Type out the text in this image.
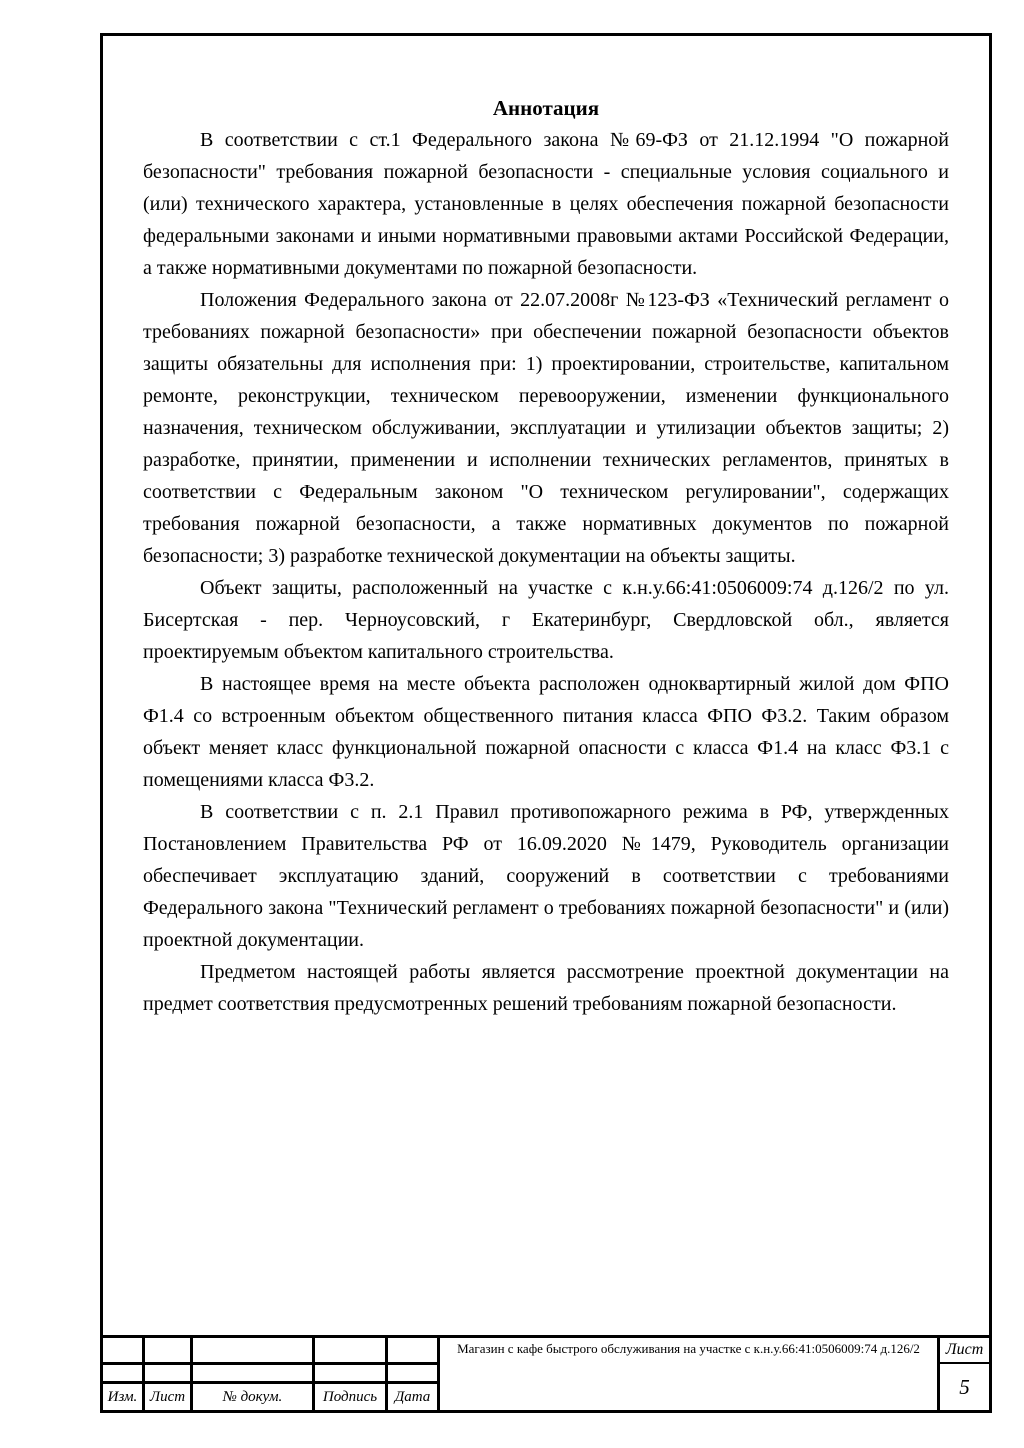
Аннотация

В соответствии с ст.1 Федерального закона №69-ФЗ от 21.12.1994 "О пожарной безопасности" требования пожарной безопасности - специальные условия социального и (или) технического характера, установленные в целях обеспечения пожарной безопасности федеральными законами и иными нормативными правовыми актами Российской Федерации, а также нормативными документами по пожарной безопасности.

Положения Федерального закона от 22.07.2008г №123-ФЗ «Технический регламент о требованиях пожарной безопасности» при обеспечении пожарной безопасности объектов защиты обязательны для исполнения при: 1) проектировании, строительстве, капитальном ремонте, реконструкции, техническом перевооружении, изменении функционального назначения, техническом обслуживании, эксплуатации и утилизации объектов защиты; 2) разработке, принятии, применении и исполнении технических регламентов, принятых в соответствии с Федеральным законом "О техническом регулировании", содержащих требования пожарной безопасности, а также нормативных документов по пожарной безопасности; 3) разработке технической документации на объекты защиты.

Объект защиты, расположенный на участке с к.н.у.66:41:0506009:74 д.126/2 по ул. Бисертская - пер. Черноусовский, г Екатеринбург, Свердловской обл., является проектируемым объектом капитального строительства.

В настоящее время на месте объекта расположен одноквартирный жилой дом ФПО Ф1.4 со встроенным объектом общественного питания класса ФПО Ф3.2. Таким образом объект меняет класс функциональной пожарной опасности с класса Ф1.4 на класс Ф3.1 с помещениями класса Ф3.2.

В соответствии с п. 2.1 Правил противопожарного режима в РФ, утвержденных Постановлением Правительства РФ от 16.09.2020 №1479, Руководитель организации обеспечивает эксплуатацию зданий, сооружений в соответствии с требованиями Федерального закона "Технический регламент о требованиях пожарной безопасности" и (или) проектной документации.

Предметом настоящей работы является рассмотрение проектной документации на предмет соответствия предусмотренных решений требованиям пожарной безопасности.

Изм. Лист	№ докум.	Подпись	Дата
Магазин с кафе быстрого обслуживания на участке с к.н.у.66:41:0506009:74 д.126/2	Лист
5
